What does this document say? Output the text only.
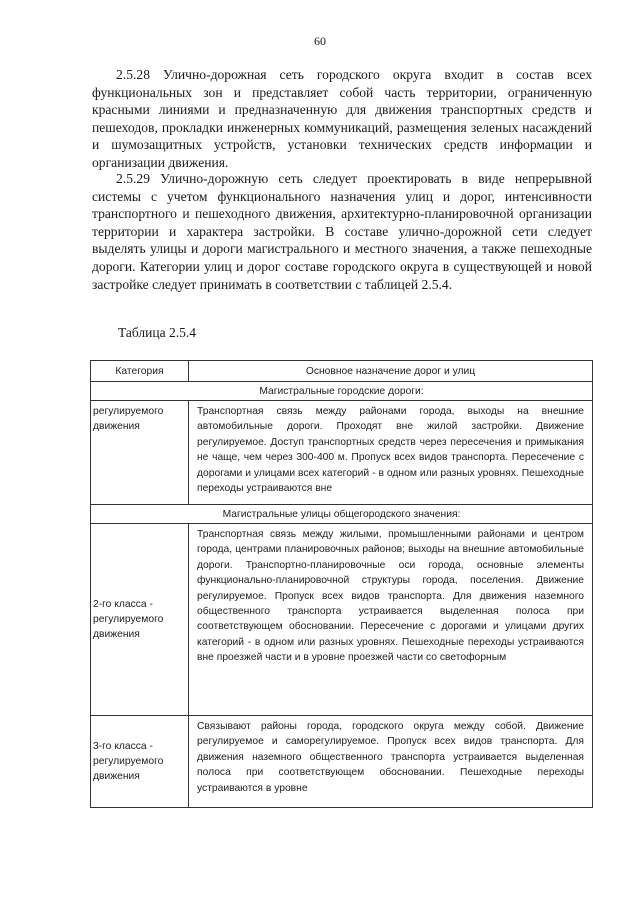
60

2.5.28 Улично-дорожная сеть городского округа входит в состав всех функциональных зон и представляет собой часть территории, ограниченную красными линиями и предназначенную для движения транспортных средств и пешеходов, прокладки инженерных коммуникаций, размещения зеленых насаждений и шумозащитных устройств, установки технических средств информации и организации движения.

2.5.29 Улично-дорожную сеть следует проектировать в виде непрерывной системы с учетом функционального назначения улиц и дорог, интенсивности транспортного и пешеходного движения, архитектурно-планировочной организации территории и характера застройки. В составе улично-дорожной сети следует выделять улицы и дороги магистрального и местного значения, а также пешеходные дороги. Категории улиц и дорог составе городского округа в существующей и новой застройке следует принимать в соответствии с таблицей 2.5.4.

Таблица 2.5.4
Категория	Основное назначение дорог и улиц
Магистральные городские дороги:	
регулируемого движения	Транспортная связь между районами города, выходы на внешние автомобильные дороги. Проходят вне жилой застройки. Движение регулируемое. Доступ транспортных средств через пересечения и примыкания не чаще, чем через 300-400 м. Пропуск всех видов транспорта. Пересечение с дорогами и улицами всех категорий - в одном или разных уровнях. Пешеходные переходы устраиваются вне

Магистральные улицы общегородского значения:	
2-го класса - регулируемого движения	Транспортная связь между жилыми, промышленными районами и центром города, центрами планировочных районов; выходы на внешние автомобильные дороги. Транспортно-планировочные оси города, основные элементы функционально-планировочной структуры города, поселения. Движение регулируемое. Пропуск всех видов транспорта. Для движения наземного общественного транспорта устраивается выделенная полоса при соответствующем обосновании. Пересечение с дорогами и улицами других категорий - в одном или разных уровнях. Пешеходные переходы устраиваются вне проезжей части и в уровне проезжей части со светофорным

3-го класса - регулируемого движения	Связывают районы города, городского округа между собой. Движение регулируемое и саморегулируемое. Пропуск всех видов транспорта. Для движения наземного общественного транспорта устраивается выделенная полоса при соответствующем обосновании. Пешеходные переходы устраиваются в уровне
